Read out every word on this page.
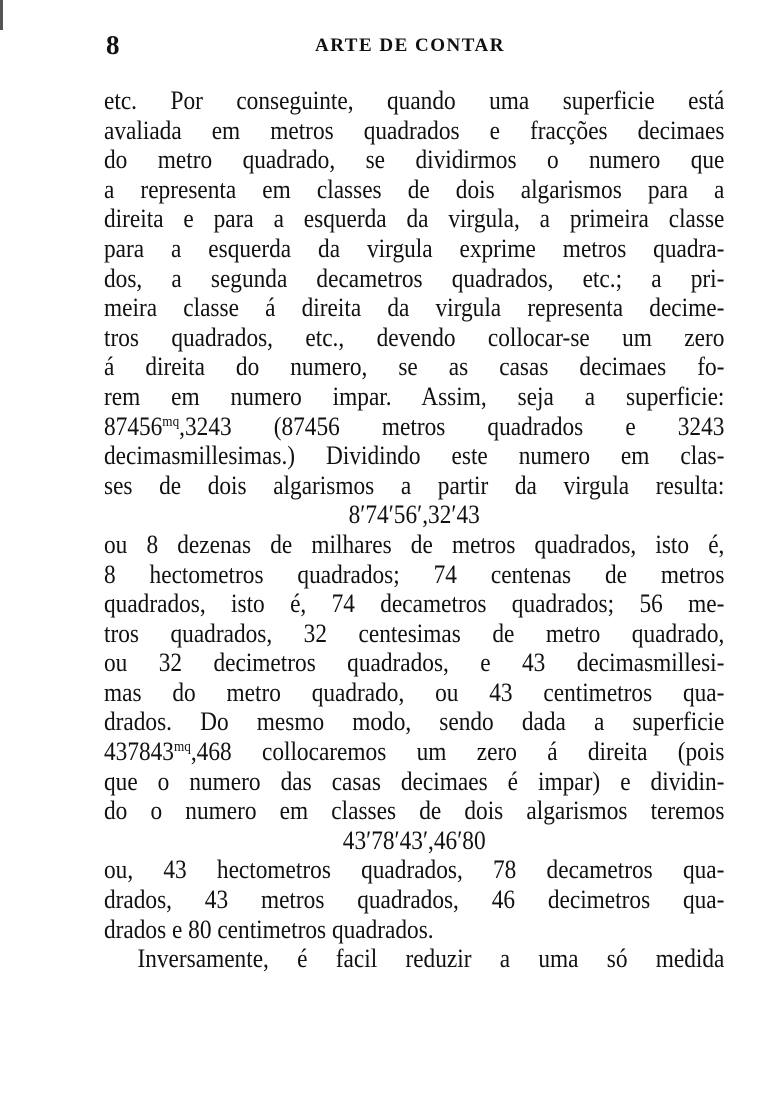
8	ARTE DE CONTAR

etc. Por conseguinte, quando uma superficie está
avaliada em metros quadrados e fracções decimaes
do metro quadrado, se dividirmos o numero que
a representa em classes de dois algarismos para a
direita e para a esquerda da virgula, a primeira classe
para a esquerda da virgula exprime metros quadra-
dos, a segunda decametros quadrados, etc.; a pri-
meira classe á direita da virgula representa decime-
tros quadrados, etc., devendo collocar-se um zero
á direita do numero, se as casas decimaes fo-
rem em numero impar. Assim, seja a superficie:
$87456^{mq},3243$ (87456 metros quadrados e 3243
decimasmillesimas.) Dividindo este numero em clas-
ses de dois algarismos a partir da virgula resulta:
8′74′56′,32′43
ou 8 dezenas de milhares de metros quadrados, isto é,
8 hectometros quadrados; 74 centenas de metros
quadrados, isto é, 74 decametros quadrados; 56 me-
tros quadrados, 32 centesimas de metro quadrado,
ou 32 decimetros quadrados, e 43 decimasmillesi-
mas do metro quadrado, ou 43 centimetros qua-
drados. Do mesmo modo, sendo dada a superficie
$437843^{mq},468$ collocaremos um zero á direita (pois
que o numero das casas decimaes é impar) e dividin-
do o numero em classes de dois algarismos teremos
43′78′43′,46′80
ou, 43 hectometros quadrados, 78 decametros qua-
drados, 43 metros quadrados, 46 decimetros qua-
drados e 80 centimetros quadrados.

Inversamente, é facil reduzir a uma só medida
